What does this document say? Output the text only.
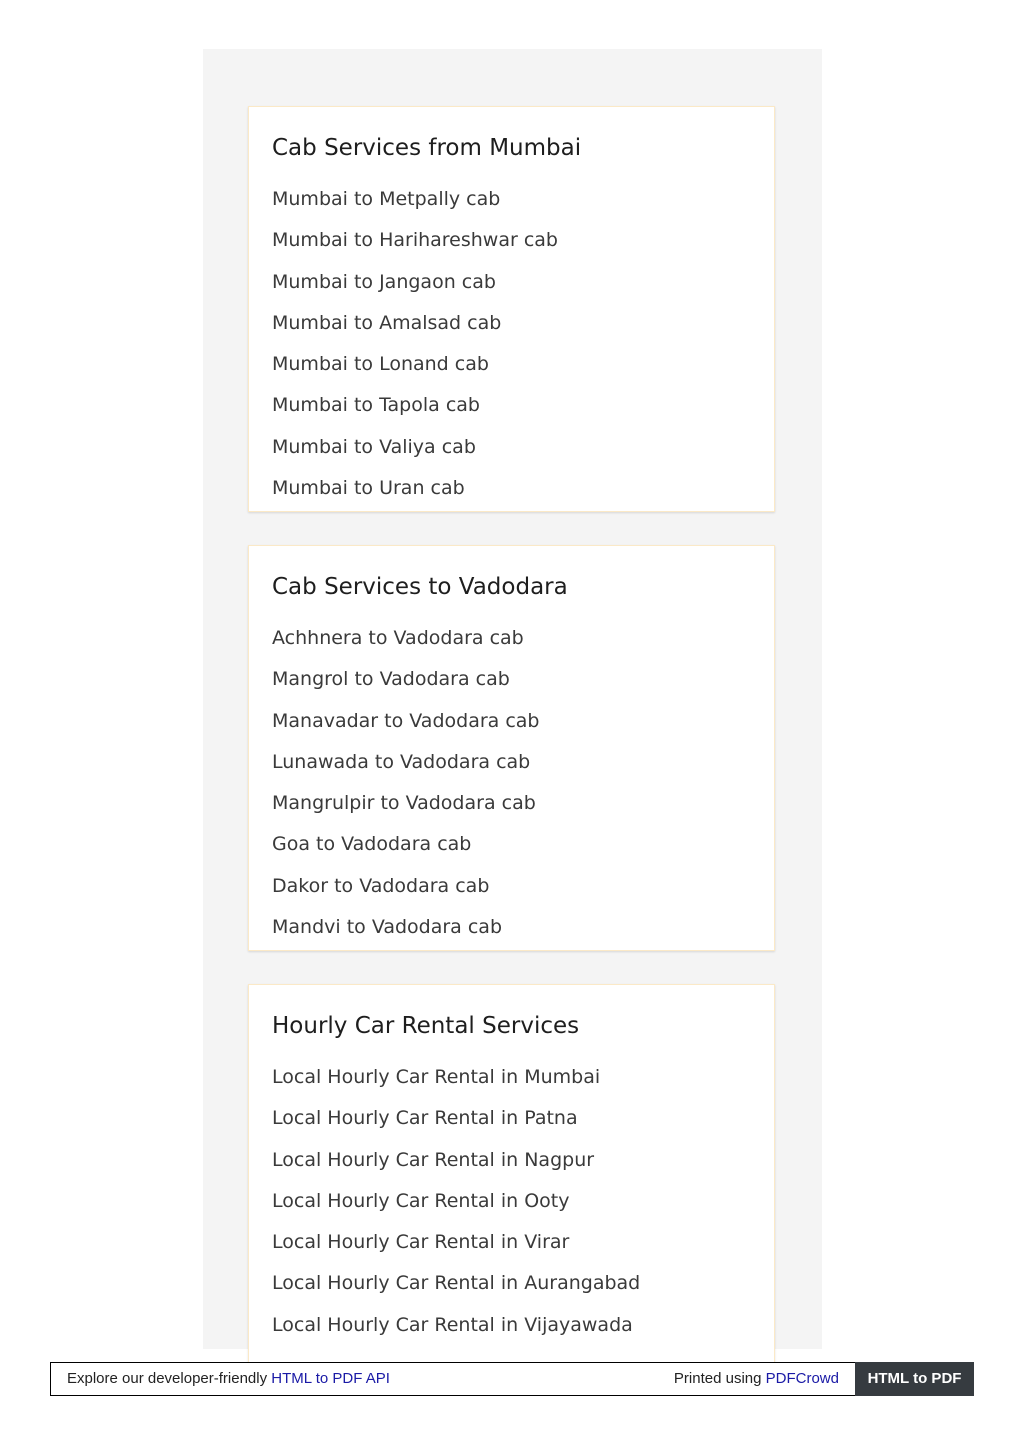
Cab Services from Mumbai
Mumbai to Metpally cab
Mumbai to Harihareshwar cab
Mumbai to Jangaon cab
Mumbai to Amalsad cab
Mumbai to Lonand cab
Mumbai to Tapola cab
Mumbai to Valiya cab
Mumbai to Uran cab
Cab Services to Vadodara
Achhnera to Vadodara cab
Mangrol to Vadodara cab
Manavadar to Vadodara cab
Lunawada to Vadodara cab
Mangrulpir to Vadodara cab
Goa to Vadodara cab
Dakor to Vadodara cab
Mandvi to Vadodara cab
Hourly Car Rental Services
Local Hourly Car Rental in Mumbai
Local Hourly Car Rental in Patna
Local Hourly Car Rental in Nagpur
Local Hourly Car Rental in Ooty
Local Hourly Car Rental in Virar
Local Hourly Car Rental in Aurangabad
Local Hourly Car Rental in Vijayawada
Explore our developer-friendly HTML to PDF API	Printed using PDFCrowd	HTML to PDF
